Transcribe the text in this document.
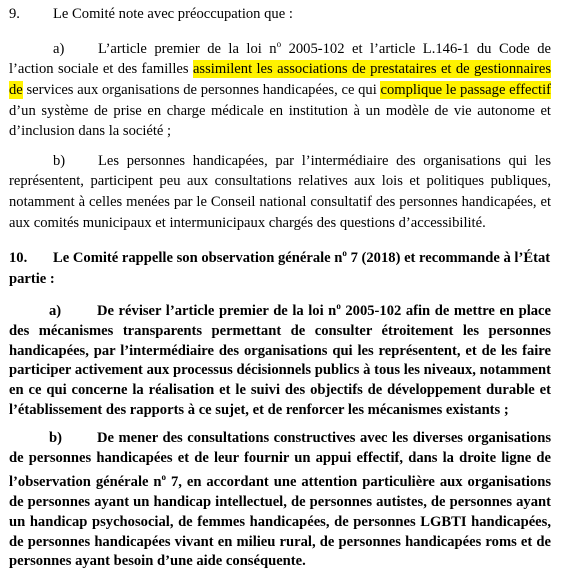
9.	Le Comité note avec préoccupation que :

a) L’article premier de la loi $n^o$ 2005-102 et l’article L.146-1 du Code de l’action sociale et des familles assimilent les associations de prestataires et de gestionnaires de services aux organisations de personnes handicapées, ce qui complique le passage effectif d’un système de prise en charge médicale en institution à un modèle de vie autonome et d’inclusion dans la société ;

b) Les personnes handicapées, par l’intermédiaire des organisations qui les représentent, participent peu aux consultations relatives aux lois et politiques publiques, notamment à celles menées par le Conseil national consultatif des personnes handicapées, et aux comités municipaux et intermunicipaux chargés des questions d’accessibilité.

10. Le Comité rappelle son observation générale $n^o$ 7 (2018) et recommande à l’État partie :

a) De réviser l’article premier de la loi $n^o$ 2005-102 afin de mettre en place des mécanismes transparents permettant de consulter étroitement les personnes handicapées, par l’intermédiaire des organisations qui les représentent, et de les faire participer activement aux processus décisionnels publics à tous les niveaux, notamment en ce qui concerne la réalisation et le suivi des objectifs de développement durable et l’établissement des rapports à ce sujet, et de renforcer les mécanismes existants ;

b) De mener des consultations constructives avec les diverses organisations de personnes handicapées et de leur fournir un appui effectif, dans la droite ligne de l’observation générale $n^o$ 7, en accordant une attention particulière aux organisations de personnes ayant un handicap intellectuel, de personnes autistes, de personnes ayant un handicap psychosocial, de femmes handicapées, de personnes LGBTI handicapées, de personnes handicapées vivant en milieu rural, de personnes handicapées roms et de personnes ayant besoin d’une aide conséquente.
